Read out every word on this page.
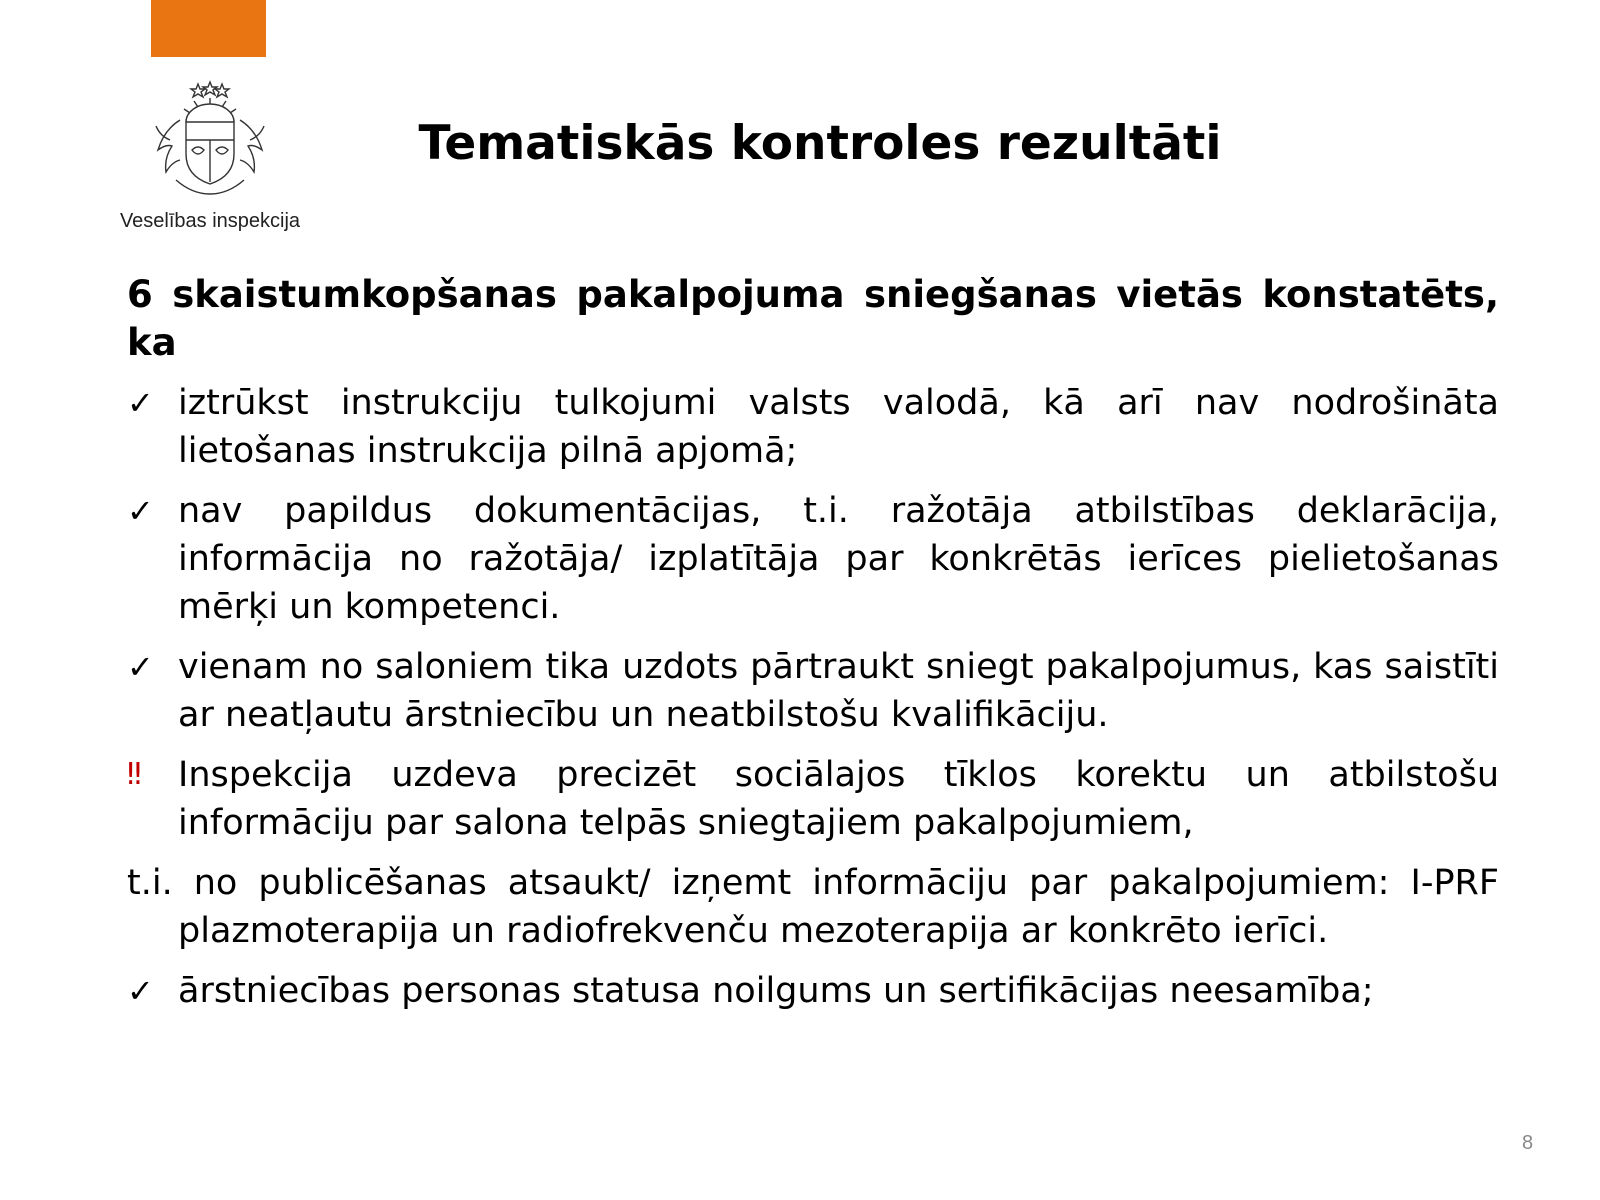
Veselības inspekcija
Tematiskās kontroles rezultāti

6 skaistumkopšanas pakalpojuma sniegšanas vietās konstatēts, ka

✓ iztrūkst instrukciju tulkojumi valsts valodā, kā arī nav nodrošināta lietošanas instrukcija pilnā apjomā;
✓ nav papildus dokumentācijas, t.i. ražotāja atbilstības deklarācija, informācija no ražotāja/ izplatītāja par konkrētās ierīces pielietošanas mērķi un kompetenci.
✓ vienam no saloniem tika uzdots pārtraukt sniegt pakalpojumus, kas saistīti ar neatļautu ārstniecību un neatbilstošu kvalifikāciju.
‼ Inspekcija uzdeva precizēt sociālajos tīklos korektu un atbilstošu informāciju par salona telpās sniegtajiem pakalpojumiem,
t.i. no publicēšanas atsaukt/ izņemt informāciju par pakalpojumiem: I-PRF plazmoterapija un radiofrekvenču mezoterapija ar konkrēto ierīci.
✓ ārstniecības personas statusa noilgums un sertifikācijas neesamība;
8
